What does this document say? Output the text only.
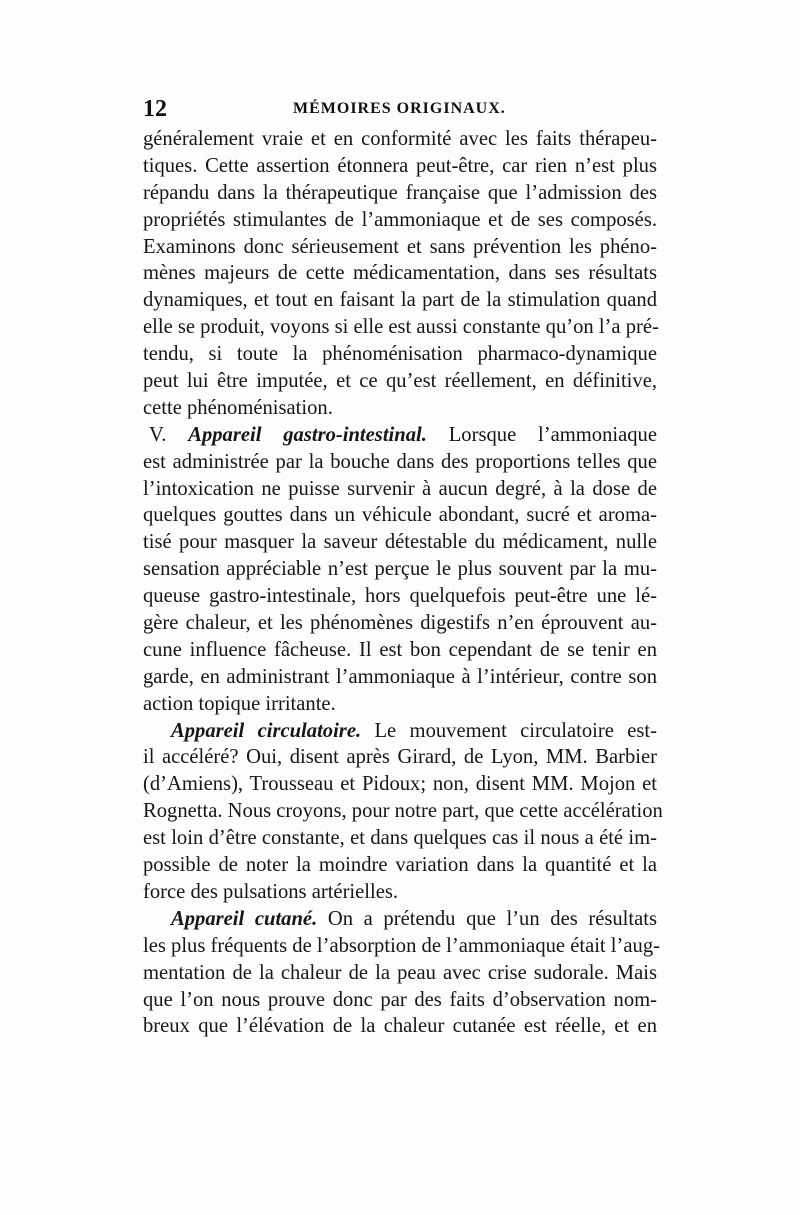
12	MÉMOIRES ORIGINAUX.
généralement vraie et en conformité avec les faits thérapeu-
tiques. Cette assertion étonnera peut-être, car rien n’est plus
répandu dans la thérapeutique française que l’admission des
propriétés stimulantes de l’ammoniaque et de ses composés.
Examinons donc sérieusement et sans prévention les phéno-
mènes majeurs de cette médicamentation, dans ses résultats
dynamiques, et tout en faisant la part de la stimulation quand
elle se produit, voyons si elle est aussi constante qu’on l’a pré-
tendu, si toute la phénoménisation pharmaco-dynamique
peut lui être imputée, et ce qu’est réellement, en définitive,
cette phénoménisation.
V. Appareil gastro-intestinal. Lorsque l’ammoniaque
est administrée par la bouche dans des proportions telles que
l’intoxication ne puisse survenir à aucun degré, à la dose de
quelques gouttes dans un véhicule abondant, sucré et aroma-
tisé pour masquer la saveur détestable du médicament, nulle
sensation appréciable n’est perçue le plus souvent par la mu-
queuse gastro-intestinale, hors quelquefois peut-être une lé-
gère chaleur, et les phénomènes digestifs n’en éprouvent au-
cune influence fâcheuse. Il est bon cependant de se tenir en
garde, en administrant l’ammoniaque à l’intérieur, contre son
action topique irritante.
Appareil circulatoire. Le mouvement circulatoire est-
il accéléré? Oui, disent après Girard, de Lyon, MM. Barbier
(d’Amiens), Trousseau et Pidoux; non, disent MM. Mojon et
Rognetta. Nous croyons, pour notre part, que cette accélération
est loin d’être constante, et dans quelques cas il nous a été im-
possible de noter la moindre variation dans la quantité et la
force des pulsations artérielles.
Appareil cutané. On a prétendu que l’un des résultats
les plus fréquents de l’absorption de l’ammoniaque était l’aug-
mentation de la chaleur de la peau avec crise sudorale. Mais
que l’on nous prouve donc par des faits d’observation nom-
breux que l’élévation de la chaleur cutanée est réelle, et en
